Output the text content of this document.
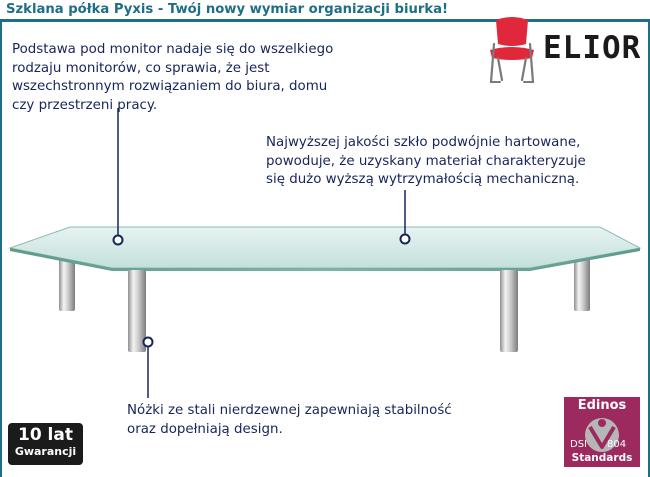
Szklana półka Pyxis - Twój nowy wymiar organizacji biurka!
ELIOR
Podstawa pod monitor nadaje się do wszelkiego
rodzaju monitorów, co sprawia, że jest
wszechstronnym rozwiązaniem do biura, domu
czy przestrzeni pracy.
Najwyższej jakości szkło podwójnie hartowane,
powoduje, że uzyskany materiał charakteryzuje
się dużo wyższą wytrzymałością mechaniczną.
Nóżki ze stali nierdzewnej zapewniają stabilność
oraz dopełniają design.
10 lat
Gwarancji
Edinos
DSI 804
Standards
